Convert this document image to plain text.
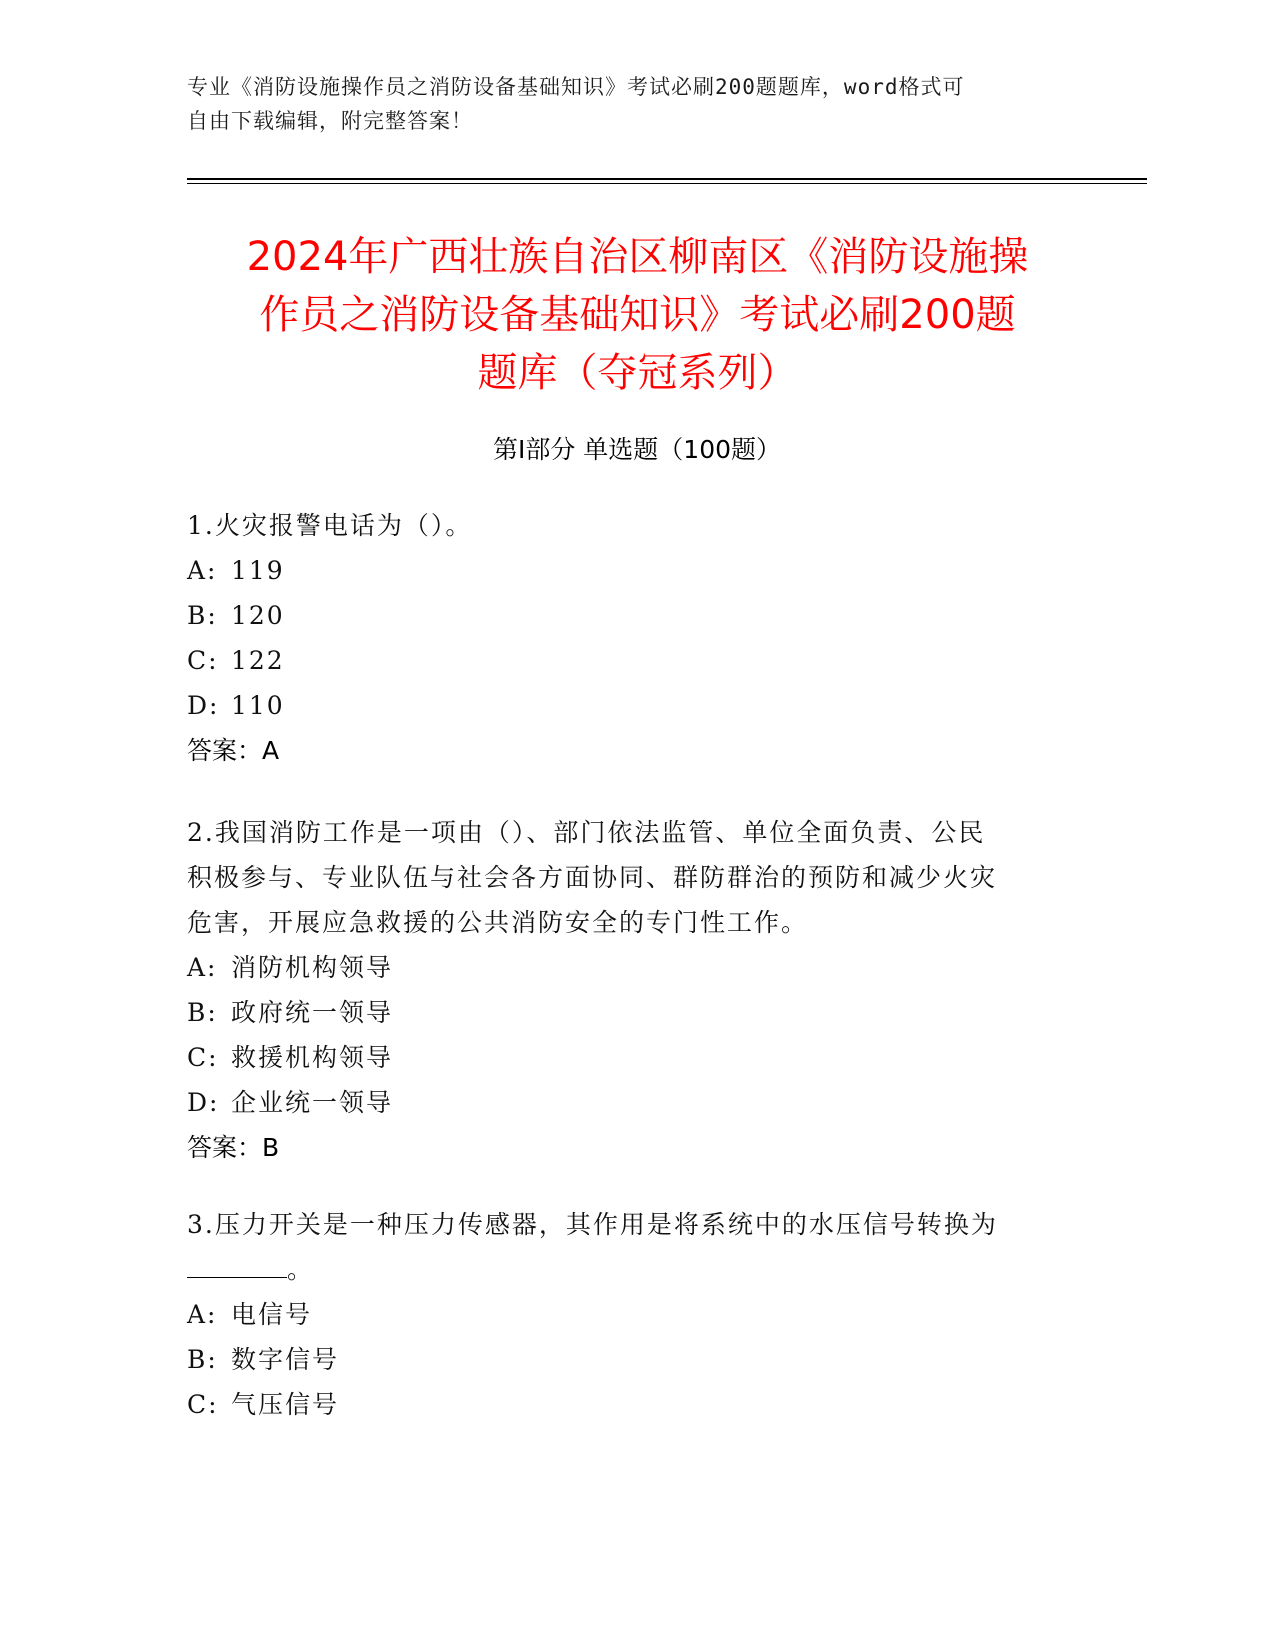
专业《消防设施操作员之消防设备基础知识》考试必刷200题题库，word格式可
自由下载编辑，附完整答案！
2024年广西壮族自治区柳南区《消防设施操
作员之消防设备基础知识》考试必刷200题
题库（夺冠系列）
第Ⅰ部分 单选题（100题）
1.火灾报警电话为（）。
A: 119
B: 120
C: 122
D: 110
答案：A
2.我国消防工作是一项由（）、部门依法监管、单位全面负责、公民
积极参与、专业队伍与社会各方面协同、群防群治的预防和减少火灾
危害，开展应急救援的公共消防安全的专门性工作。
A: 消防机构领导
B: 政府统一领导
C: 救援机构领导
D: 企业统一领导
答案：B
3.压力开关是一种压力传感器，其作用是将系统中的水压信号转换为
。
A: 电信号
B: 数字信号
C: 气压信号
